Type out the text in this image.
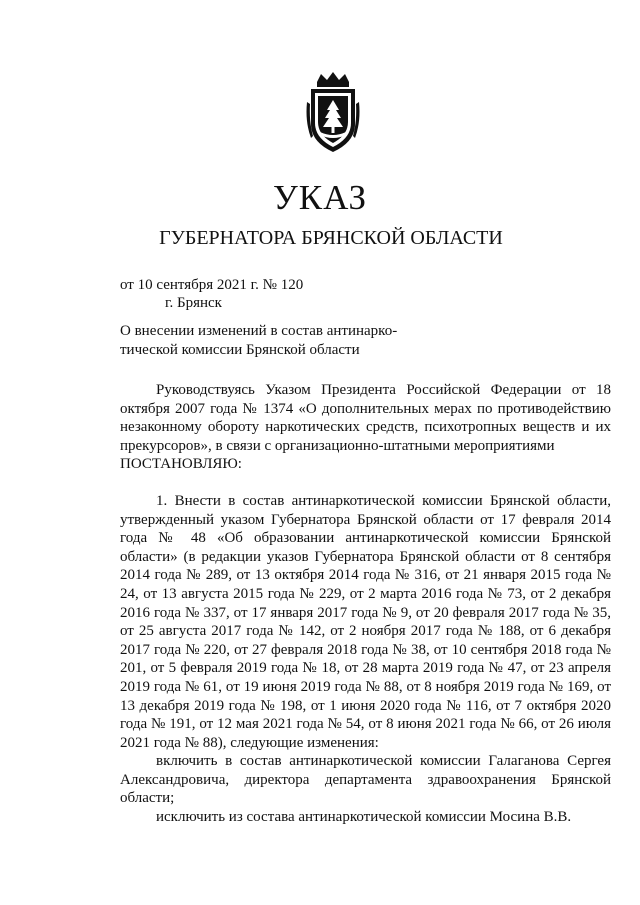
УКАЗ
ГУБЕРНАТОРА БРЯНСКОЙ ОБЛАСТИ
от 10 сентября 2021 г. № 120
г. Брянск
О внесении изменений в состав антинарко-
тической комиссии Брянской области

Руководствуясь Указом Президента Российской Федерации от 18 октября 2007 года № 1374 «О дополнительных мерах по противодействию незаконному обороту наркотических средств, психотропных веществ и их прекурсоров», в связи с организационно-штатными мероприятиями

ПОСТАНОВЛЯЮ:

1. Внести в состав антинаркотической комиссии Брянской области, утвержденный указом Губернатора Брянской области от 17 февраля 2014 года № 48 «Об образовании антинаркотической комиссии Брянской области» (в редакции указов Губернатора Брянской области от 8 сентября 2014 года № 289, от 13 октября 2014 года № 316, от 21 января 2015 года № 24, от 13 августа 2015 года № 229, от 2 марта 2016 года № 73, от 2 декабря 2016 года № 337, от 17 января 2017 года № 9, от 20 февраля 2017 года № 35, от 25 августа 2017 года № 142, от 2 ноября 2017 года № 188, от 6 декабря 2017 года № 220, от 27 февраля 2018 года № 38, от 10 сентября 2018 года № 201, от 5 февраля 2019 года № 18, от 28 марта 2019 года № 47, от 23 апреля 2019 года № 61, от 19 июня 2019 года № 88, от 8 ноября 2019 года № 169, от 13 декабря 2019 года № 198, от 1 июня 2020 года № 116, от 7 октября 2020 года № 191, от 12 мая 2021 года № 54, от 8 июня 2021 года № 66, от 26 июля 2021 года № 88), следующие изменения:

включить в состав антинаркотической комиссии Галаганова Сергея Александровича, директора департамента здравоохранения Брянской области;

исключить из состава антинаркотической комиссии Мосина В.В.
